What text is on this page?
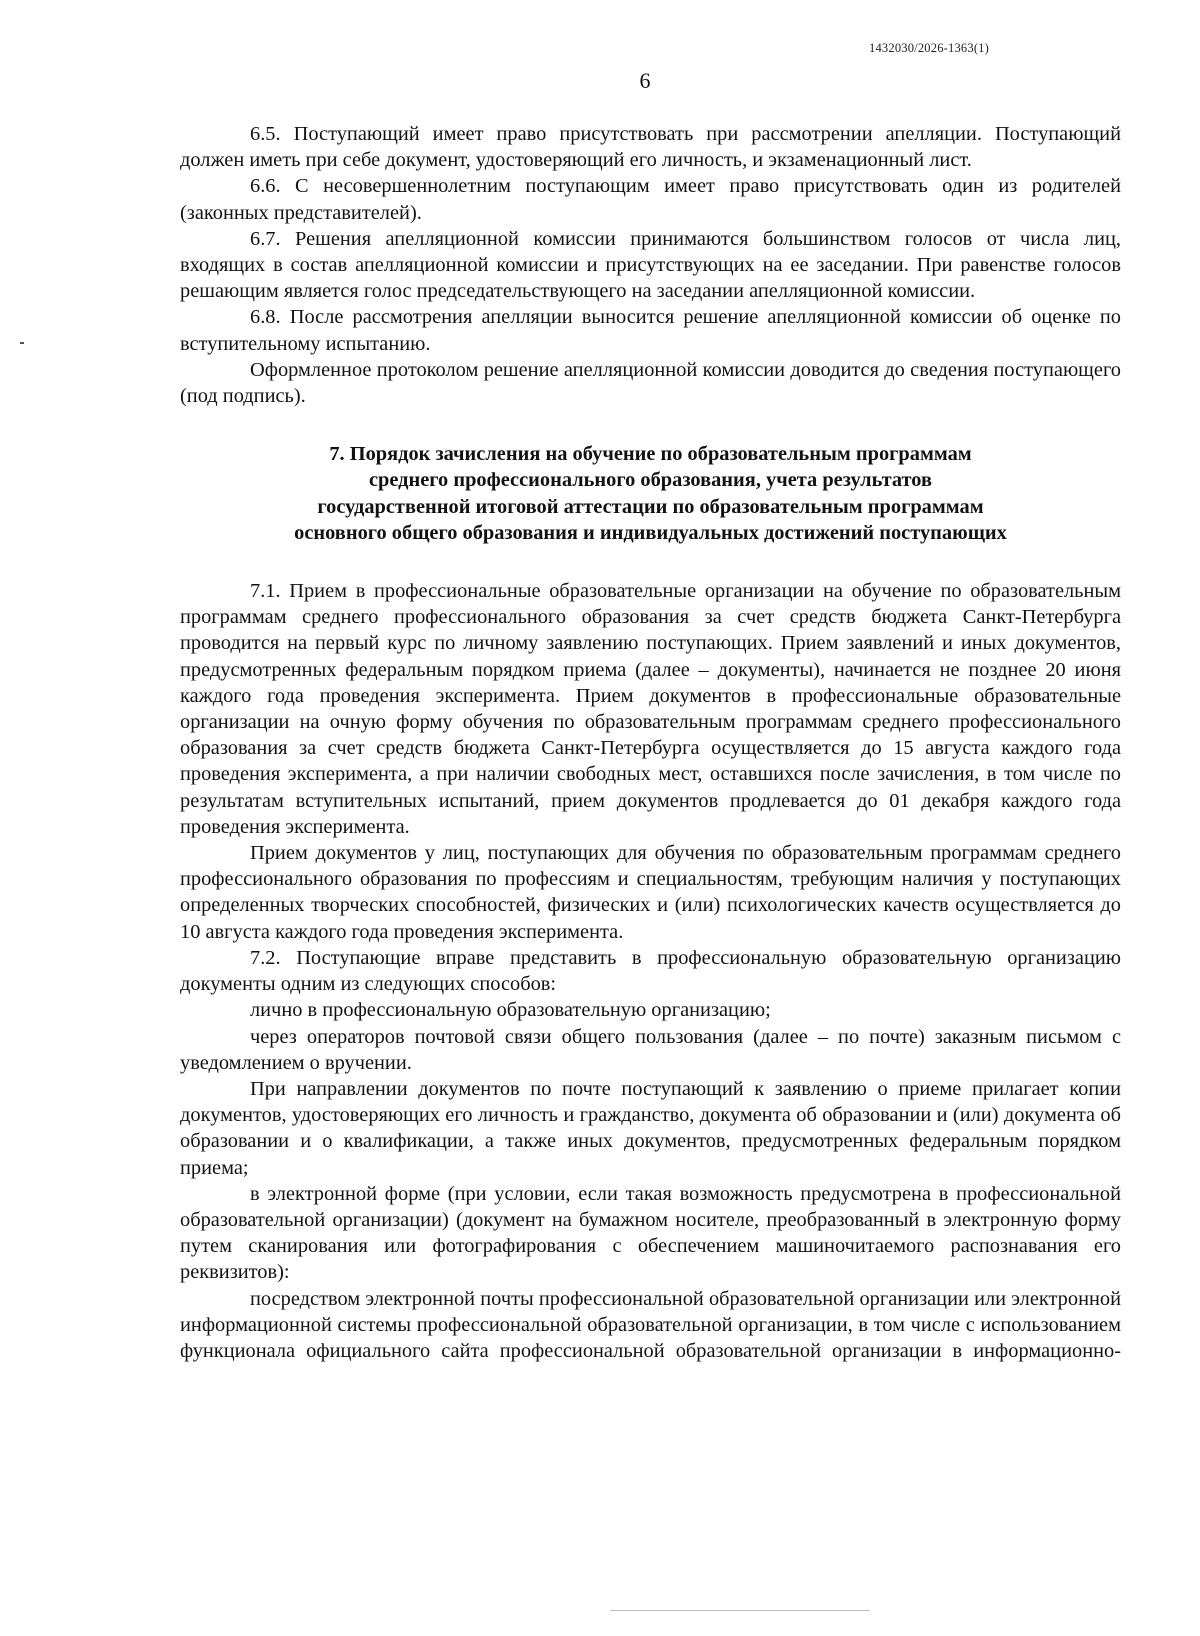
1432030/2026-1363(1)
6

6.5. Поступающий имеет право присутствовать при рассмотрении апелляции. Поступающий должен иметь при себе документ, удостоверяющий его личность, и экзаменационный лист.

6.6. С несовершеннолетним поступающим имеет право присутствовать один из родителей (законных представителей).

6.7. Решения апелляционной комиссии принимаются большинством голосов от числа лиц, входящих в состав апелляционной комиссии и присутствующих на ее заседании. При равенстве голосов решающим является голос председательствующего на заседании апелляционной комиссии.

6.8. После рассмотрения апелляции выносится решение апелляционной комиссии об оценке по вступительному испытанию.

Оформленное протоколом решение апелляционной комиссии доводится до сведения поступающего (под подпись).

7. Порядок зачисления на обучение по образовательным программам
среднего профессионального образования, учета результатов
государственной итоговой аттестации по образовательным программам
основного общего образования и индивидуальных достижений поступающих

7.1. Прием в профессиональные образовательные организации на обучение по образовательным программам среднего профессионального образования за счет средств бюджета Санкт-Петербурга проводится на первый курс по личному заявлению поступающих. Прием заявлений и иных документов, предусмотренных федеральным порядком приема (далее – документы), начинается не позднее 20 июня каждого года проведения эксперимента. Прием документов в профессиональные образовательные организации на очную форму обучения по образовательным программам среднего профессионального образования за счет средств бюджета Санкт-Петербурга осуществляется до 15 августа каждого года проведения эксперимента, а при наличии свободных мест, оставшихся после зачисления, в том числе по результатам вступительных испытаний, прием документов продлевается до 01 декабря каждого года проведения эксперимента.

Прием документов у лиц, поступающих для обучения по образовательным программам среднего профессионального образования по профессиям и специальностям, требующим наличия у поступающих определенных творческих способностей, физических и (или) психологических качеств осуществляется до 10 августа каждого года проведения эксперимента.

7.2. Поступающие вправе представить в профессиональную образовательную организацию документы одним из следующих способов:

лично в профессиональную образовательную организацию;

через операторов почтовой связи общего пользования (далее – по почте) заказным письмом с уведомлением о вручении.

При направлении документов по почте поступающий к заявлению о приеме прилагает копии документов, удостоверяющих его личность и гражданство, документа об образовании и (или) документа об образовании и о квалификации, а также иных документов, предусмотренных федеральным порядком приема;

в электронной форме (при условии, если такая возможность предусмотрена в профессиональной образовательной организации) (документ на бумажном носителе, преобразованный в электронную форму путем сканирования или фотографирования с обеспечением машиночитаемого распознавания его реквизитов):

посредством электронной почты профессиональной образовательной организации или электронной информационной системы профессиональной образовательной организации, в том числе с использованием функционала официального сайта профессиональной образовательной организации в информационно-
